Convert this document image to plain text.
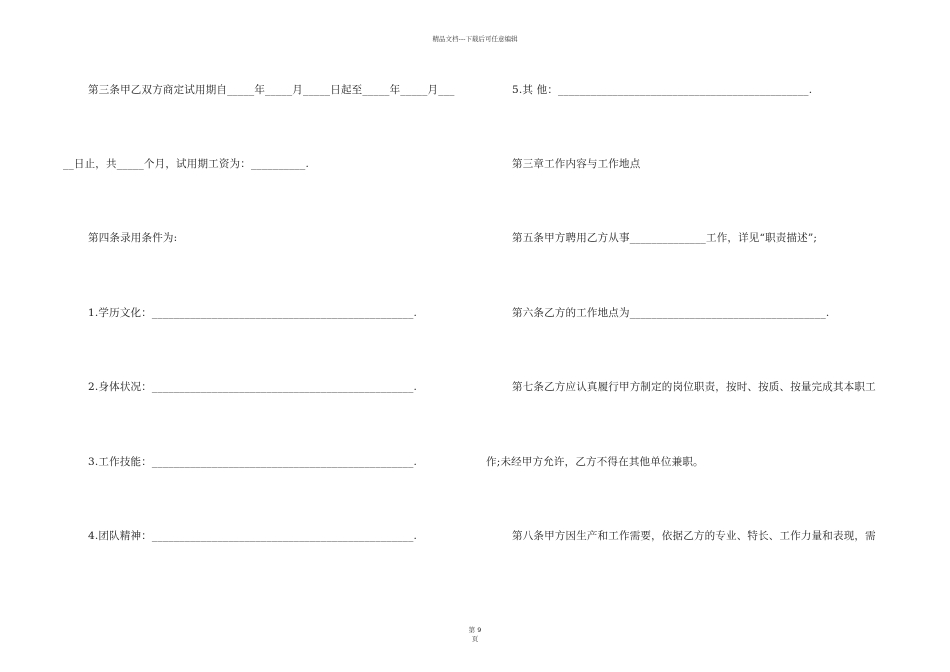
精品文档---下载后可任意编辑
第三条甲乙双方商定试用期自_____年_____月_____日起至_____年_____月___
__日止，共_____个月，试用期工资为：__________.
第四条录用条件为:
1.学历文化：________________________________________________.
2.身体状况：________________________________________________.
3.工作技能：________________________________________________.
4.团队精神：________________________________________________.
5.其 他：______________________________________________.
第三章工作内容与工作地点
第五条甲方聘用乙方从事______________工作，详见“职责描述”;
第六条乙方的工作地点为____________________________________.
第七条乙方应认真履行甲方制定的岗位职责，按时、按质、按量完成其本职工
作;未经甲方允许，乙方不得在其他单位兼职。
第八条甲方因生产和工作需要，依据乙方的专业、特长、工作力量和表现，需
第 9
页
